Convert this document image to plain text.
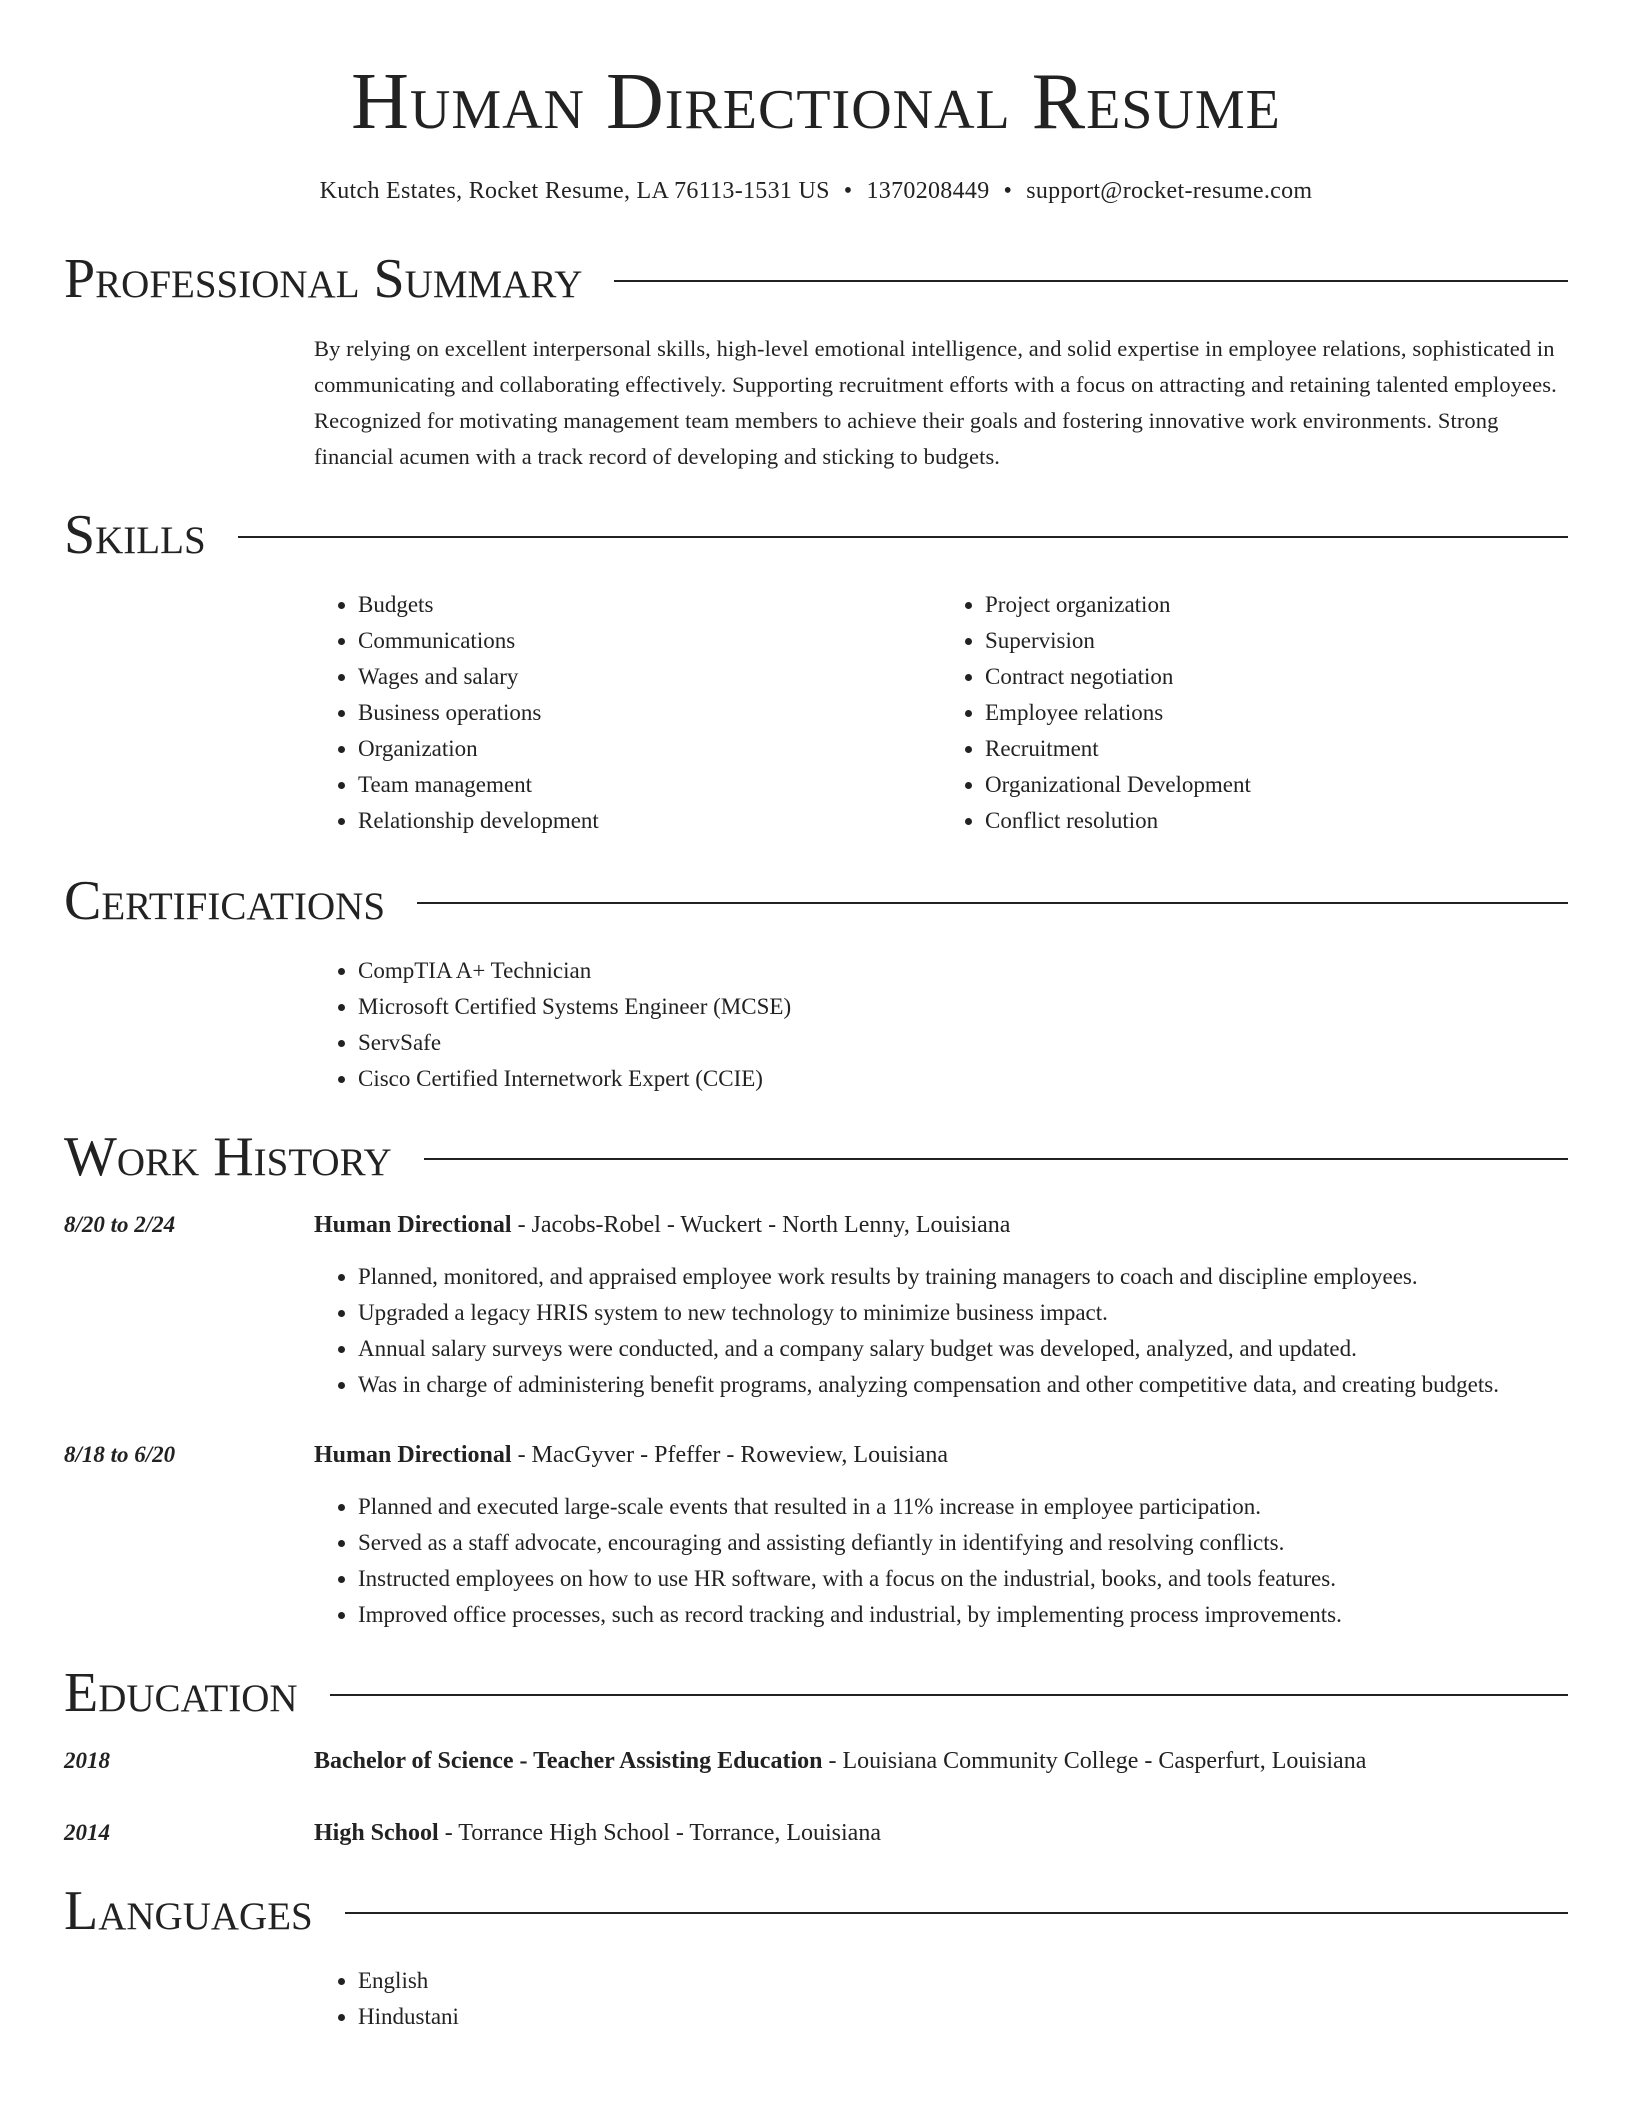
Human Directional Resume
Kutch Estates, Rocket Resume, LA 76113-1531 US • 1370208449 • support@rocket-resume.com
Professional Summary

By relying on excellent interpersonal skills, high-level emotional intelligence, and solid expertise in employee relations, sophisticated in communicating and collaborating effectively. Supporting recruitment efforts with a focus on attracting and retaining talented employees. Recognized for motivating management team members to achieve their goals and fostering innovative work environments. Strong financial acumen with a track record of developing and sticking to budgets.

Skills
• Budgets
• Communications
• Wages and salary
• Business operations
• Organization
• Team management
• Relationship development
• Project organization
• Supervision
• Contract negotiation
• Employee relations
• Recruitment
• Organizational Development
• Conflict resolution
Certifications
• CompTIA A+ Technician
• Microsoft Certified Systems Engineer (MCSE)
• ServSafe
• Cisco Certified Internetwork Expert (CCIE)
Work History
8/20 to 2/24	Human Directional - Jacobs-Robel - Wuckert - North Lenny, Louisiana
• Planned, monitored, and appraised employee work results by training managers to coach and discipline employees.
• Upgraded a legacy HRIS system to new technology to minimize business impact.
• Annual salary surveys were conducted, and a company salary budget was developed, analyzed, and updated.
• Was in charge of administering benefit programs, analyzing compensation and other competitive data, and creating budgets.
8/18 to 6/20	Human Directional - MacGyver - Pfeffer - Roweview, Louisiana
• Planned and executed large-scale events that resulted in a 11% increase in employee participation.
• Served as a staff advocate, encouraging and assisting defiantly in identifying and resolving conflicts.
• Instructed employees on how to use HR software, with a focus on the industrial, books, and tools features.
• Improved office processes, such as record tracking and industrial, by implementing process improvements.
Education
2018	Bachelor of Science - Teacher Assisting Education - Louisiana Community College - Casperfurt, Louisiana
2014	High School - Torrance High School - Torrance, Louisiana
Languages
• English
• Hindustani
